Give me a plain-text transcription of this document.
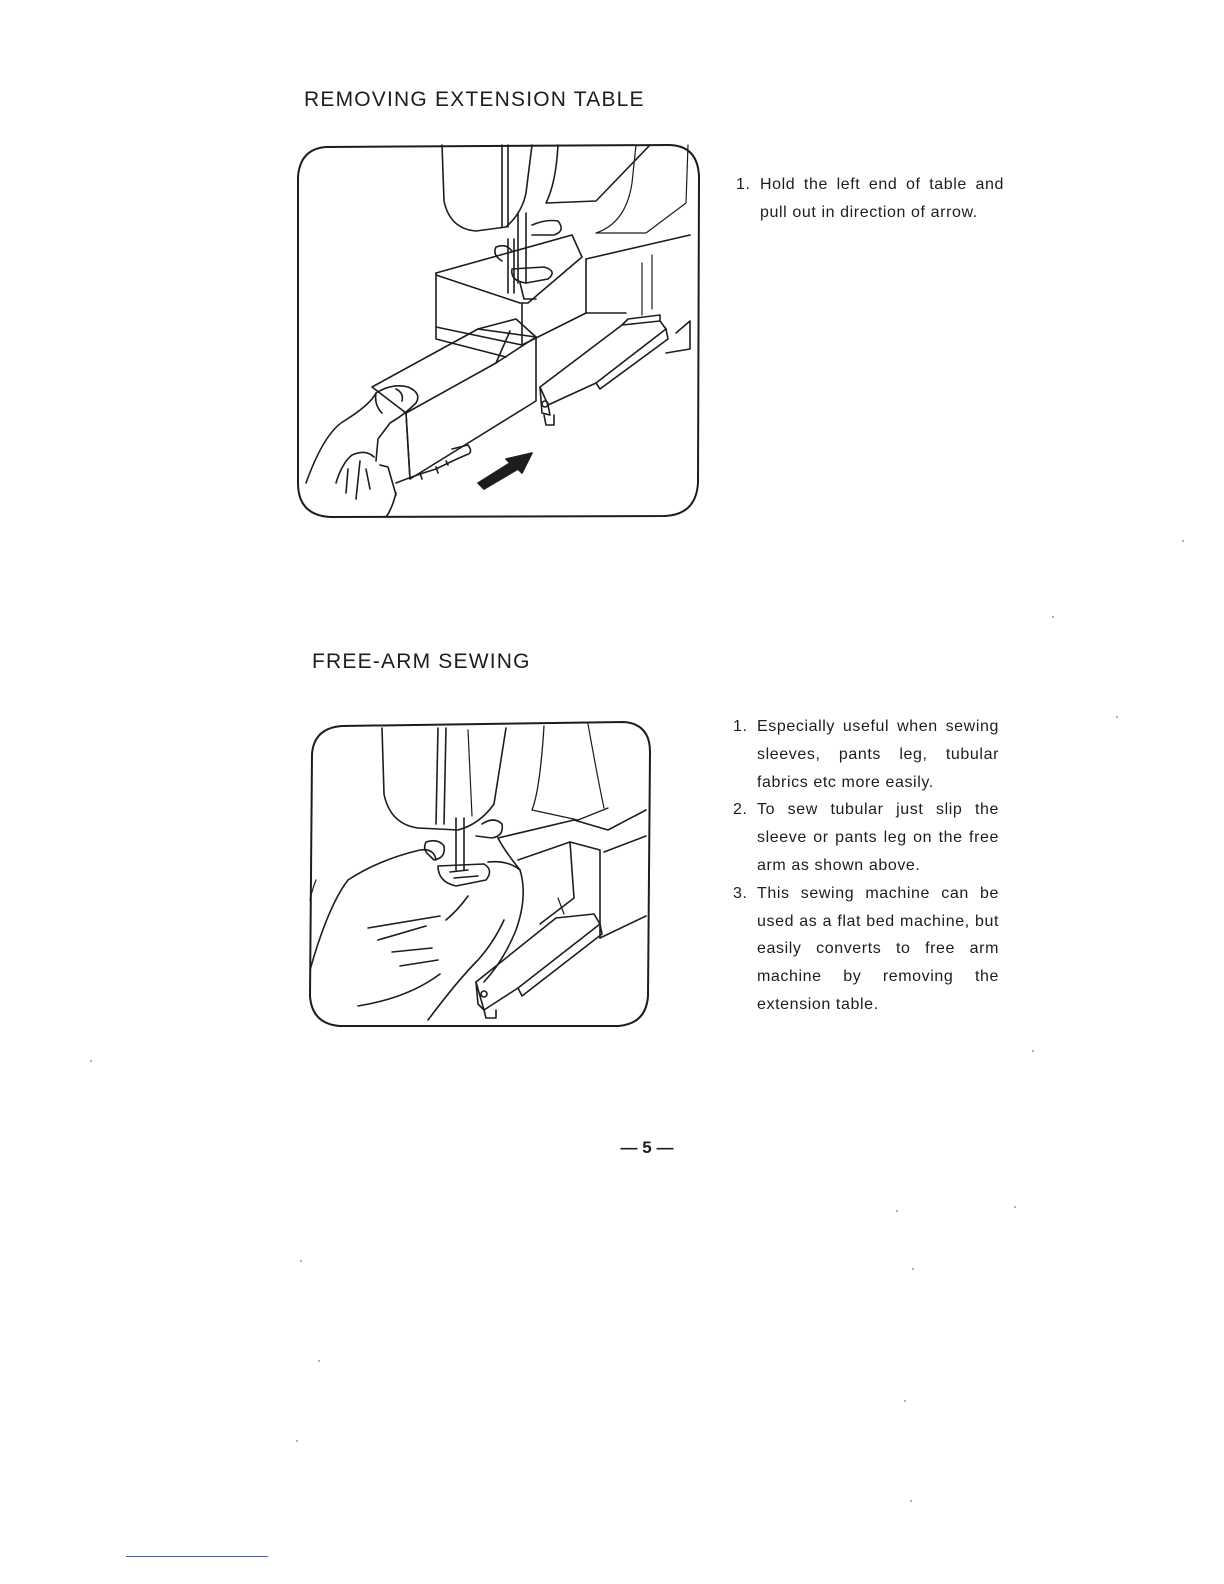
REMOVING EXTENSION TABLE
1. Hold the left end of table and pull out in direction of arrow.
FREE-ARM SEWING
1. Especially useful when sewing sleeves, pants leg, tubular fabrics etc more easily.
2. To sew tubular just slip the sleeve or pants leg on the free arm as shown above.
3. This sewing machine can be used as a flat bed machine, but easily converts to free arm machine by removing the extension table.
— 5 —
